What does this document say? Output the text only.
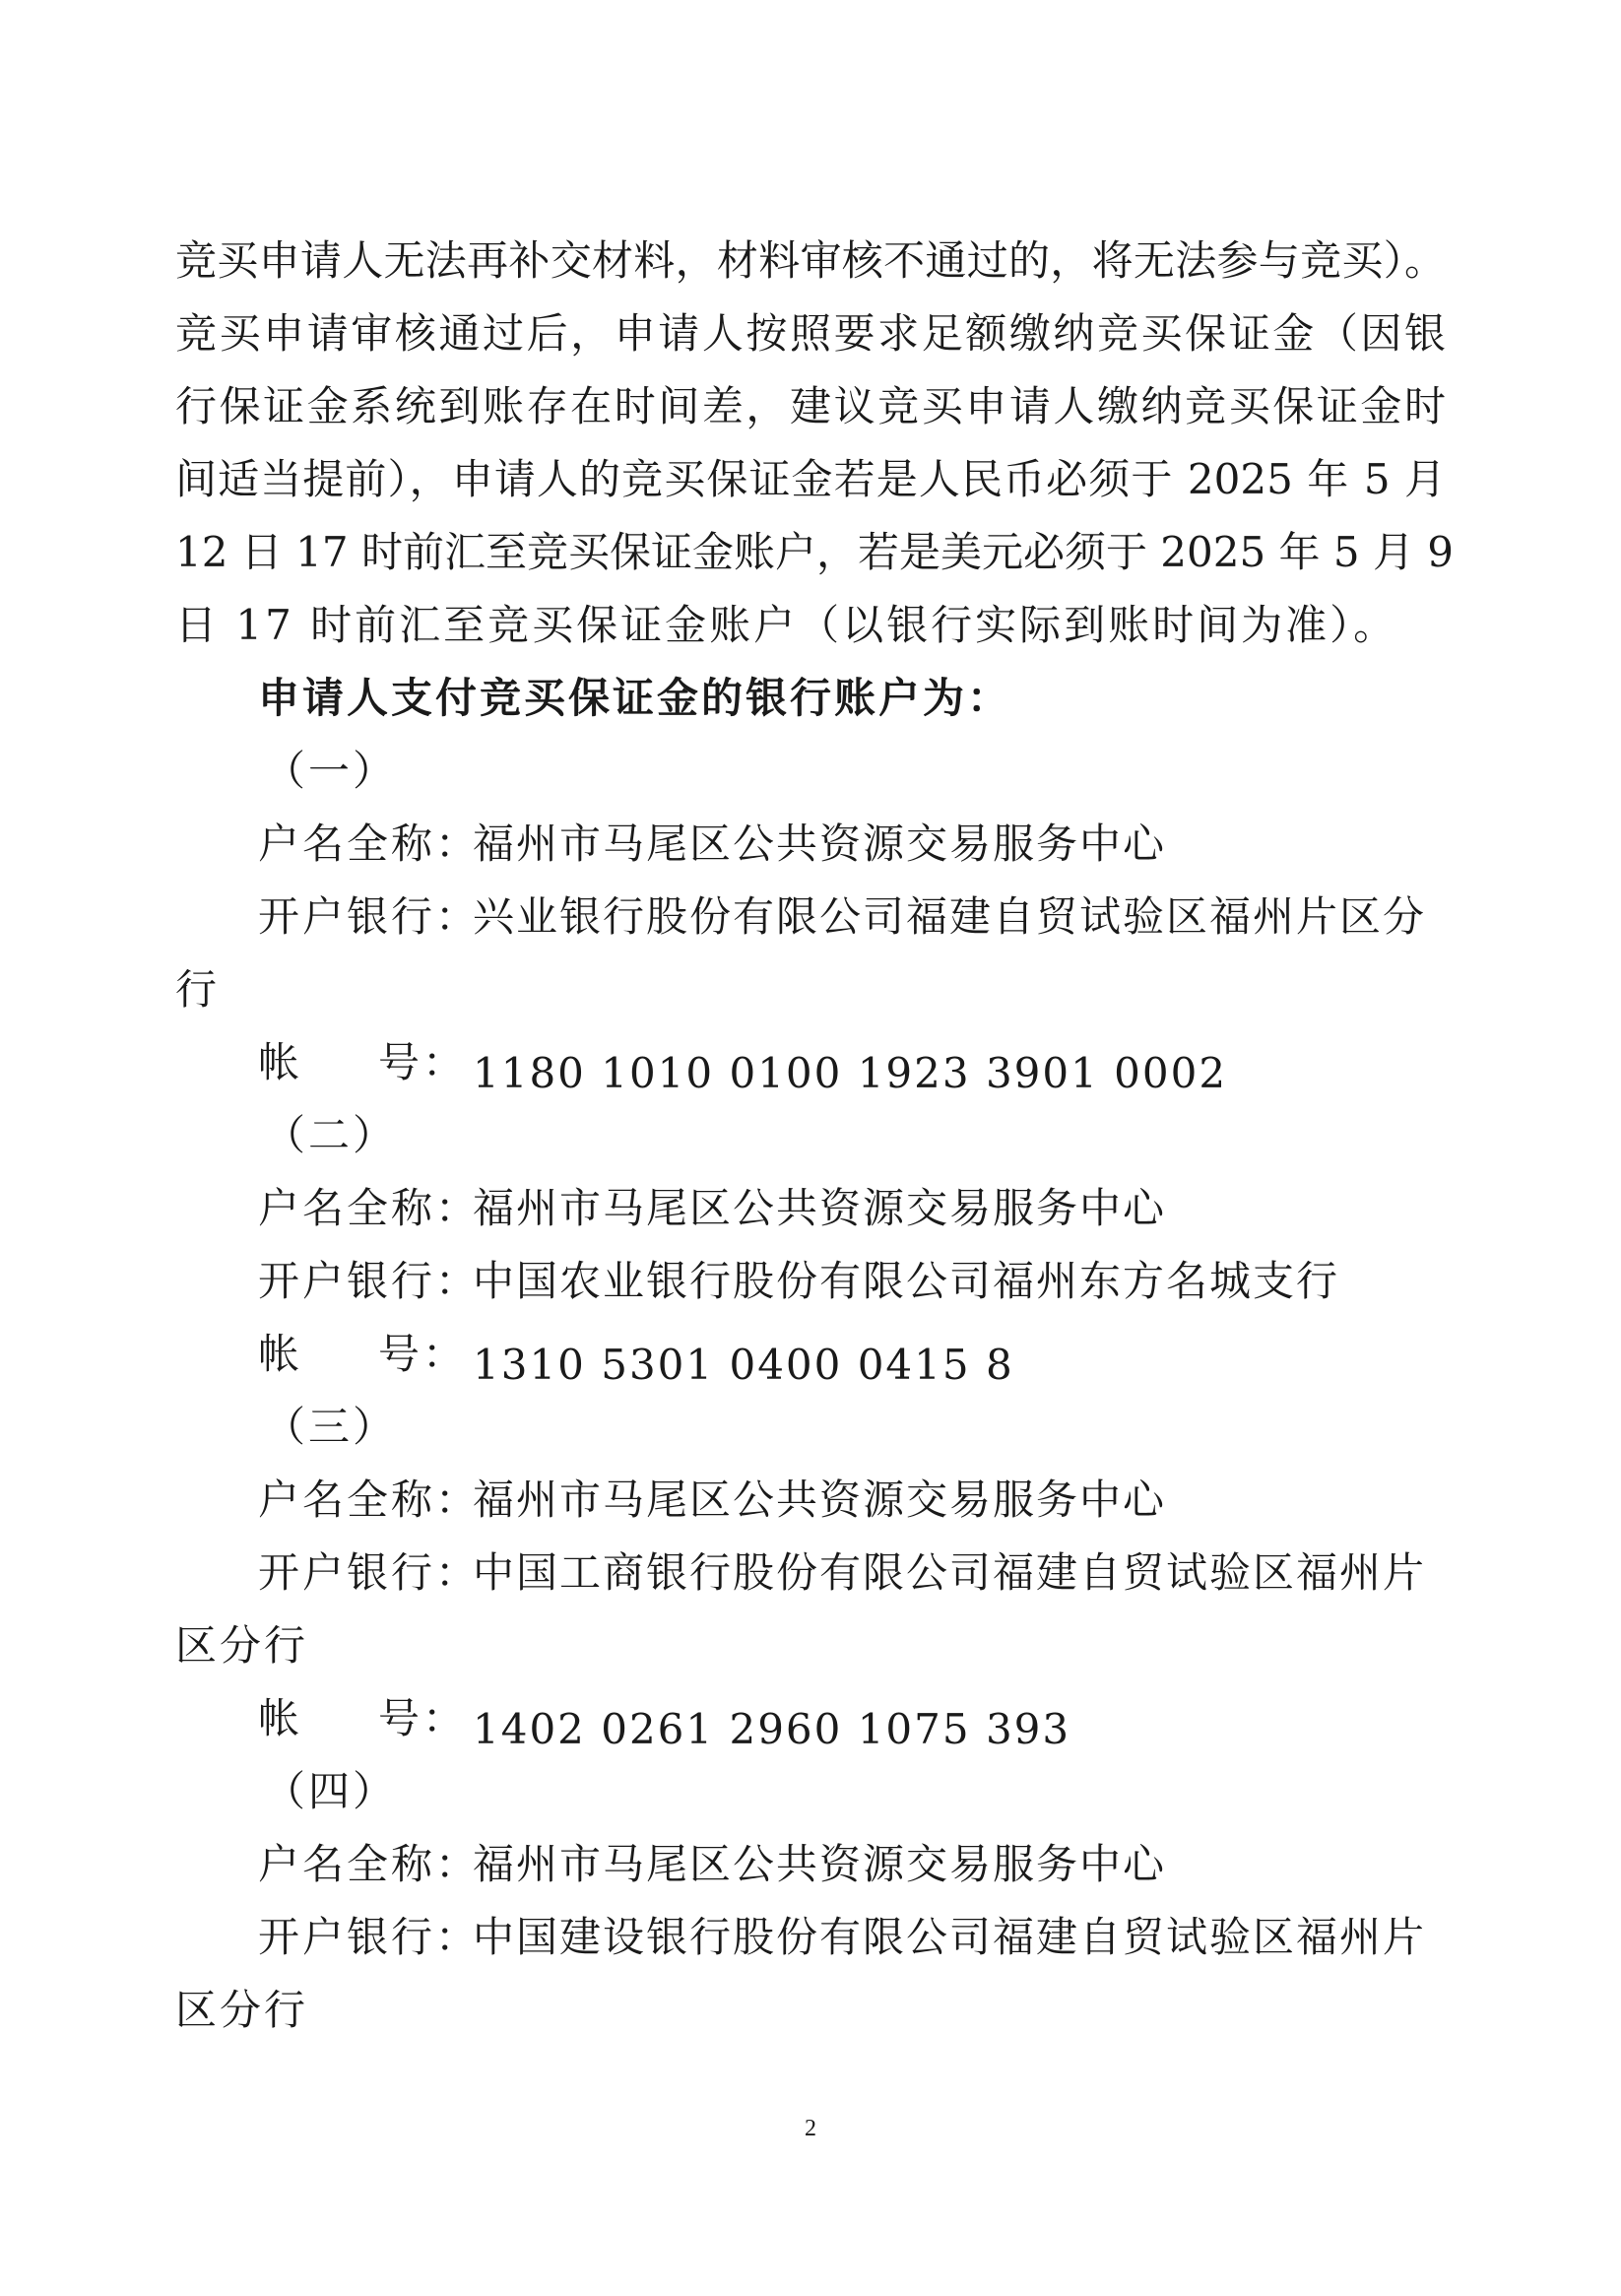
竞买申请人无法再补交材料，材料审核不通过的，将无法参与竞买）。
竞买申请审核通过后，申请人按照要求足额缴纳竞买保证金（因银
行保证金系统到账存在时间差，建议竞买申请人缴纳竞买保证金时
间适当提前），申请人的竞买保证金若是人民币必须于 2025 年 5 月
12 日 17 时前汇至竞买保证金账户，若是美元必须于 2025 年 5 月 9
日 17 时前汇至竞买保证金账户（以银行实际到账时间为准）。
申请人支付竞买保证金的银行账户为：
（一）
户名全称：福州市马尾区公共资源交易服务中心
开户银行：兴业银行股份有限公司福建自贸试验区福州片区分
行
帐 号： 1180 1010 0100 1923 3901 0002
（二）
户名全称：福州市马尾区公共资源交易服务中心
开户银行：中国农业银行股份有限公司福州东方名城支行
帐 号： 1310 5301 0400 0415 8
（三）
户名全称：福州市马尾区公共资源交易服务中心
开户银行：中国工商银行股份有限公司福建自贸试验区福州片
区分行
帐 号： 1402 0261 2960 1075 393
（四）
户名全称：福州市马尾区公共资源交易服务中心
开户银行：中国建设银行股份有限公司福建自贸试验区福州片
区分行
2
